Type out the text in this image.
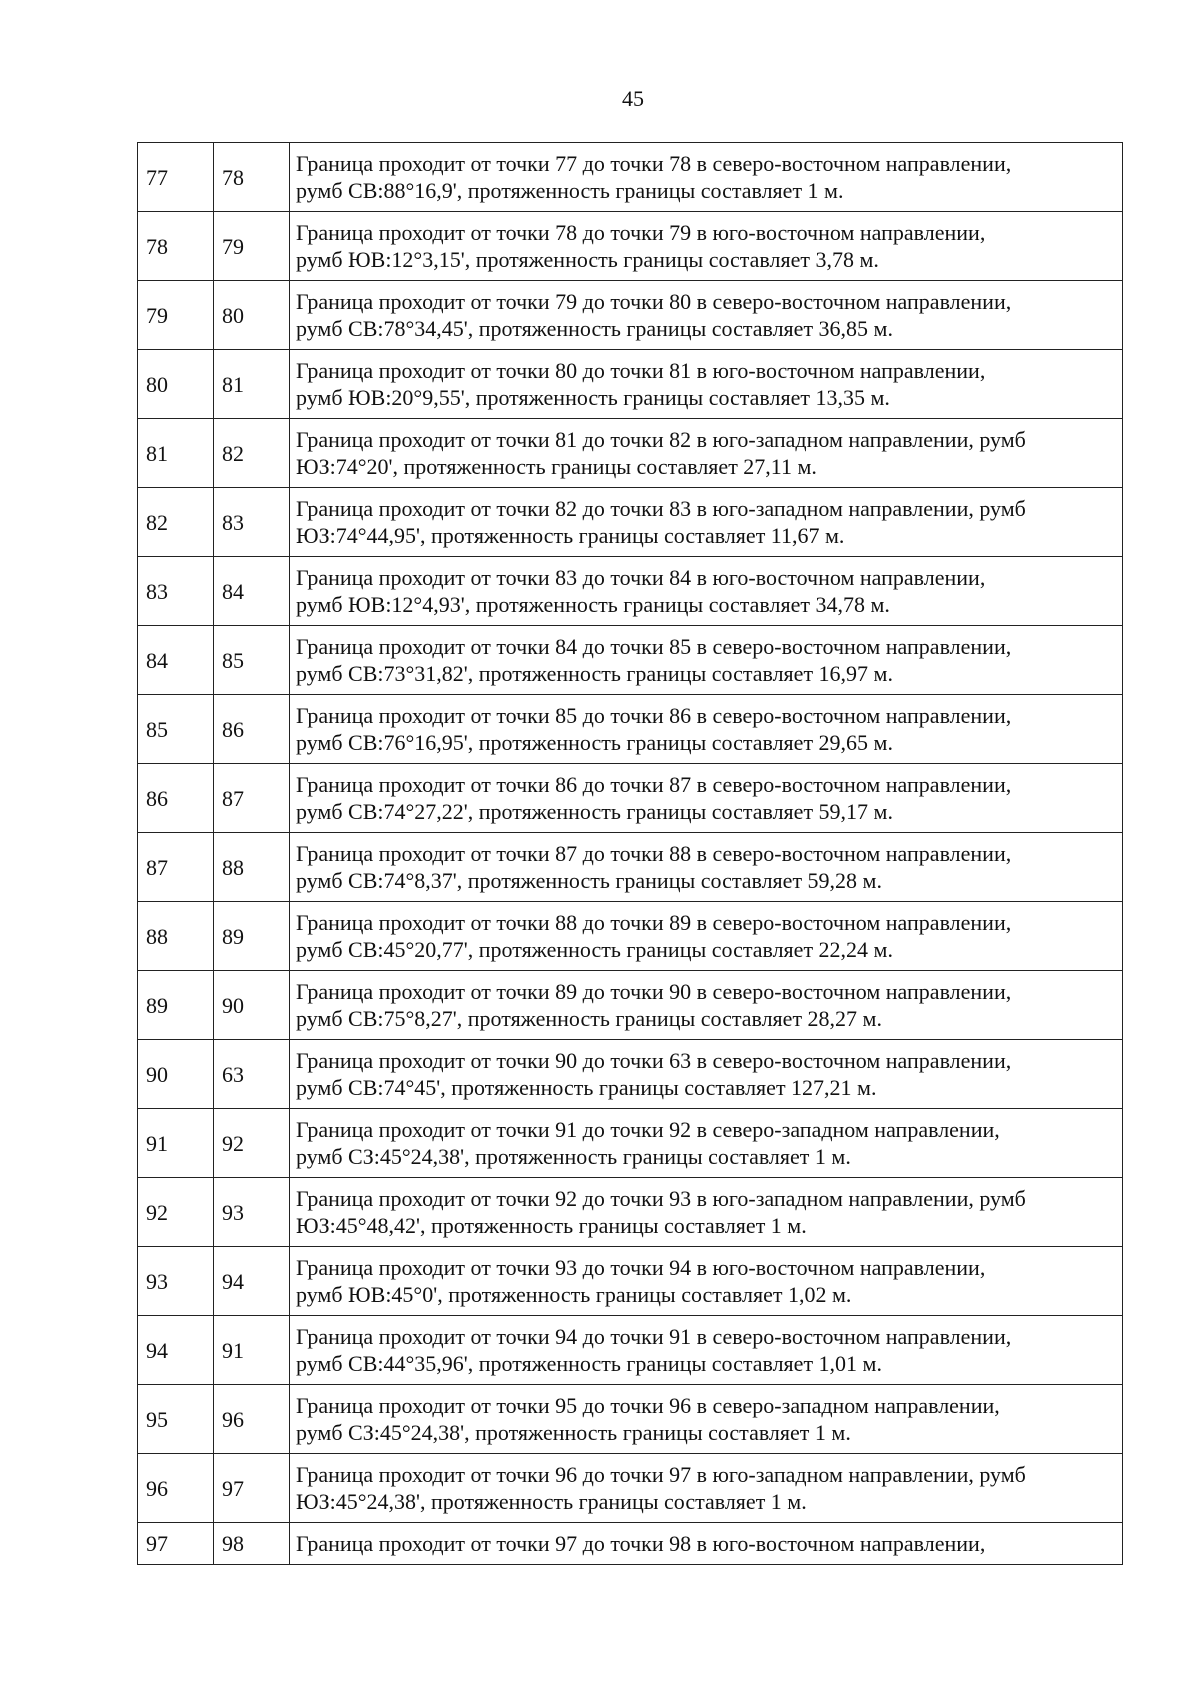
45
77	78	Граница проходит от точки 77 до точки 78 в северо-восточном направлении,
румб СВ:88°16,9', протяженность границы составляет 1 м.

78	79	Граница проходит от точки 78 до точки 79 в юго-восточном направлении,
румб ЮВ:12°3,15', протяженность границы составляет 3,78 м.

79	80	Граница проходит от точки 79 до точки 80 в северо-восточном направлении,
румб СВ:78°34,45', протяженность границы составляет 36,85 м.

80	81	Граница проходит от точки 80 до точки 81 в юго-восточном направлении,
румб ЮВ:20°9,55', протяженность границы составляет 13,35 м.

81	82	Граница проходит от точки 81 до точки 82 в юго-западном направлении, румб
ЮЗ:74°20', протяженность границы составляет 27,11 м.

82	83	Граница проходит от точки 82 до точки 83 в юго-западном направлении, румб
ЮЗ:74°44,95', протяженность границы составляет 11,67 м.

83	84	Граница проходит от точки 83 до точки 84 в юго-восточном направлении,
румб ЮВ:12°4,93', протяженность границы составляет 34,78 м.

84	85	Граница проходит от точки 84 до точки 85 в северо-восточном направлении,
румб СВ:73°31,82', протяженность границы составляет 16,97 м.

85	86	Граница проходит от точки 85 до точки 86 в северо-восточном направлении,
румб СВ:76°16,95', протяженность границы составляет 29,65 м.

86	87	Граница проходит от точки 86 до точки 87 в северо-восточном направлении,
румб СВ:74°27,22', протяженность границы составляет 59,17 м.

87	88	Граница проходит от точки 87 до точки 88 в северо-восточном направлении,
румб СВ:74°8,37', протяженность границы составляет 59,28 м.

88	89	Граница проходит от точки 88 до точки 89 в северо-восточном направлении,
румб СВ:45°20,77', протяженность границы составляет 22,24 м.

89	90	Граница проходит от точки 89 до точки 90 в северо-восточном направлении,
румб СВ:75°8,27', протяженность границы составляет 28,27 м.

90	63	Граница проходит от точки 90 до точки 63 в северо-восточном направлении,
румб СВ:74°45', протяженность границы составляет 127,21 м.

91	92	Граница проходит от точки 91 до точки 92 в северо-западном направлении,
румб СЗ:45°24,38', протяженность границы составляет 1 м.

92	93	Граница проходит от точки 92 до точки 93 в юго-западном направлении, румб
ЮЗ:45°48,42', протяженность границы составляет 1 м.

93	94	Граница проходит от точки 93 до точки 94 в юго-восточном направлении,
румб ЮВ:45°0', протяженность границы составляет 1,02 м.

94	91	Граница проходит от точки 94 до точки 91 в северо-восточном направлении,
румб СВ:44°35,96', протяженность границы составляет 1,01 м.

95	96	Граница проходит от точки 95 до точки 96 в северо-западном направлении,
румб СЗ:45°24,38', протяженность границы составляет 1 м.

96	97	Граница проходит от точки 96 до точки 97 в юго-западном направлении, румб
ЮЗ:45°24,38', протяженность границы составляет 1 м.

97	98	Граница проходит от точки 97 до точки 98 в юго-восточном направлении,
